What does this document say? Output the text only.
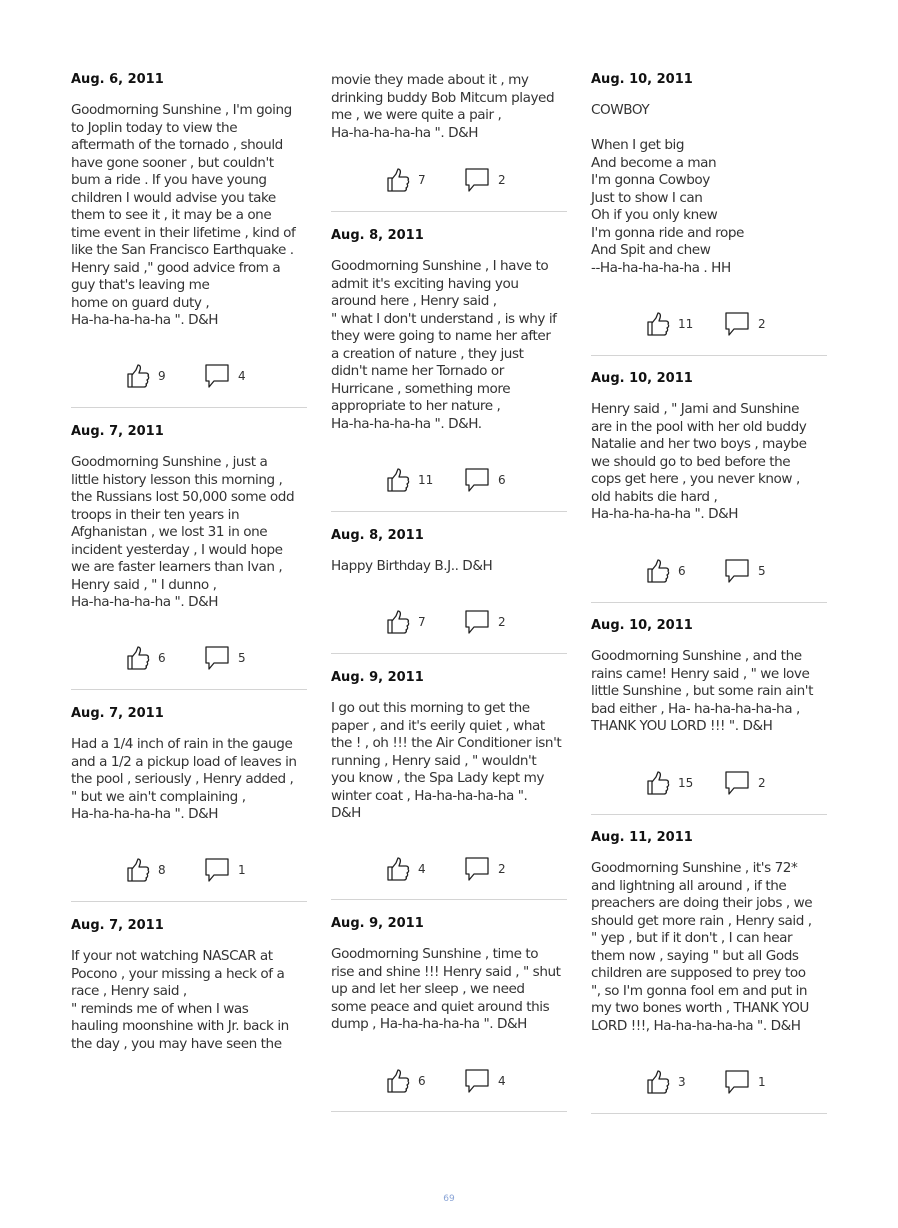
Aug. 6, 2011
Goodmorning Sunshine , I'm going
to Joplin today to view the
aftermath of the tornado , should
have gone sooner , but couldn't
bum a ride . If you have young
children I would advise you take
them to see it , it may be a one
time event in their lifetime , kind of
like the San Francisco Earthquake .
Henry said ," good advice from a
guy that's leaving me
home on guard duty ,
Ha-ha-ha-ha-ha ". D&H
9	4
Aug. 7, 2011
Goodmorning Sunshine , just a
little history lesson this morning ,
the Russians lost 50,000 some odd
troops in their ten years in
Afghanistan , we lost 31 in one
incident yesterday , I would hope
we are faster learners than Ivan ,
Henry said , " I dunno ,
Ha-ha-ha-ha-ha ". D&H
6	5
Aug. 7, 2011
Had a 1/4 inch of rain in the gauge
and a 1/2 a pickup load of leaves in
the pool , seriously , Henry added ,
" but we ain't complaining ,
Ha-ha-ha-ha-ha ". D&H
8	1
Aug. 7, 2011
If your not watching NASCAR at
Pocono , your missing a heck of a
race , Henry said ,
" reminds me of when I was
hauling moonshine with Jr. back in
the day , you may have seen the
movie they made about it , my
drinking buddy Bob Mitcum played
me , we were quite a pair ,
Ha-ha-ha-ha-ha ". D&H
7	2
Aug. 8, 2011
Goodmorning Sunshine , I have to
admit it's exciting having you
around here , Henry said ,
" what I don't understand , is why if
they were going to name her after
a creation of nature , they just
didn't name her Tornado or
Hurricane , something more
appropriate to her nature ,
Ha-ha-ha-ha-ha ". D&H.
11	6
Aug. 8, 2011
Happy Birthday B.J.. D&H
7	2
Aug. 9, 2011
I go out this morning to get the
paper , and it's eerily quiet , what
the ! , oh !!! the Air Conditioner isn't
running , Henry said , " wouldn't
you know , the Spa Lady kept my
winter coat , Ha-ha-ha-ha-ha ".
D&H
4	2
Aug. 9, 2011
Goodmorning Sunshine , time to
rise and shine !!! Henry said , " shut
up and let her sleep , we need
some peace and quiet around this
dump , Ha-ha-ha-ha-ha ". D&H
6	4
Aug. 10, 2011
COWBOY

When I get big
And become a man
I'm gonna Cowboy
Just to show I can
Oh if you only knew
I'm gonna ride and rope
And Spit and chew
--Ha-ha-ha-ha-ha . HH
11	2
Aug. 10, 2011
Henry said , " Jami and Sunshine
are in the pool with her old buddy
Natalie and her two boys , maybe
we should go to bed before the
cops get here , you never know ,
old habits die hard ,
Ha-ha-ha-ha-ha ". D&H
6	5
Aug. 10, 2011
Goodmorning Sunshine , and the
rains came! Henry said , " we love
little Sunshine , but some rain ain't
bad either , Ha- ha-ha-ha-ha-ha ,
THANK YOU LORD !!! ". D&H
15	2
Aug. 11, 2011
Goodmorning Sunshine , it's 72*
and lightning all around , if the
preachers are doing their jobs , we
should get more rain , Henry said ,
" yep , but if it don't , I can hear
them now , saying " but all Gods
children are supposed to prey too
", so I'm gonna fool em and put in
my two bones worth , THANK YOU
LORD !!!, Ha-ha-ha-ha-ha ". D&H
3	1
69
